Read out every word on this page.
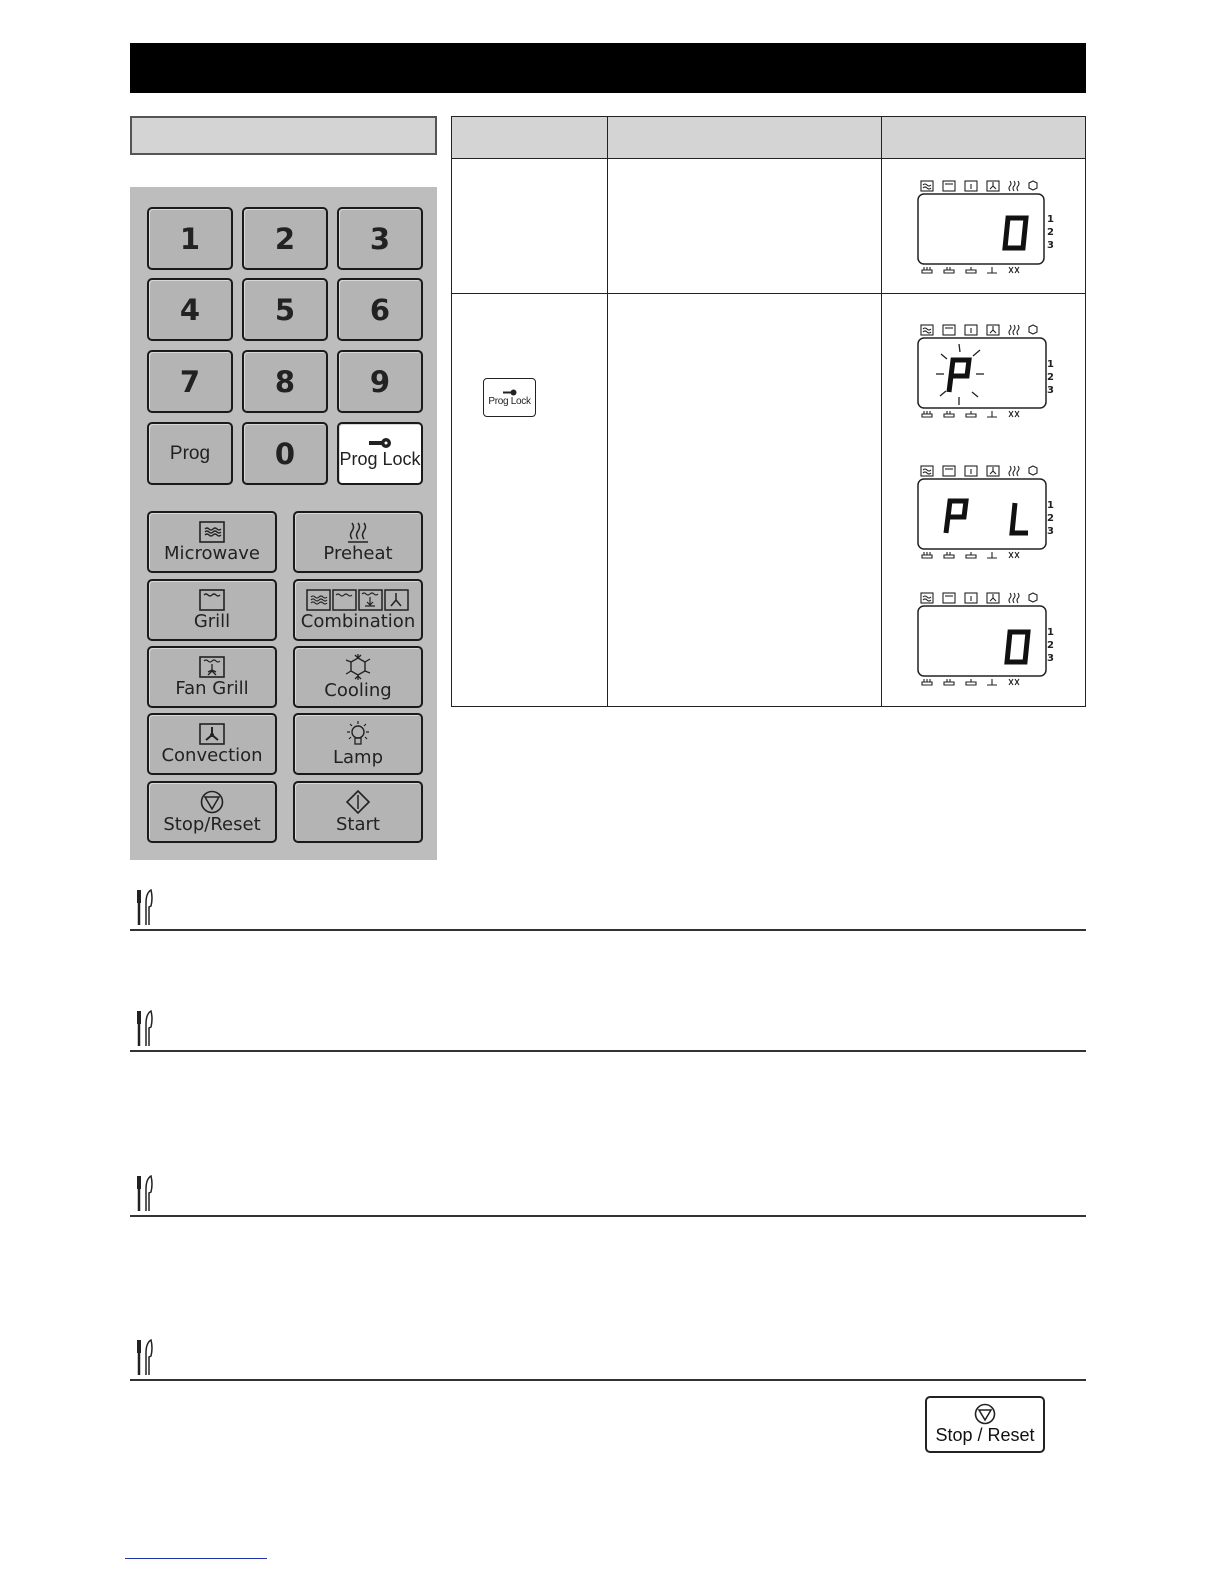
1	2	3
4	5	6
7	8	9
Prog	0	Prog Lock
Microwave	Preheat
Grill	Combination
Fan Grill	Cooling
Convection	Lamp
Stop/Reset	Start
1
2
3
Prog Lock
1
2
3
1
2
3
1
2
3
Stop / Reset
